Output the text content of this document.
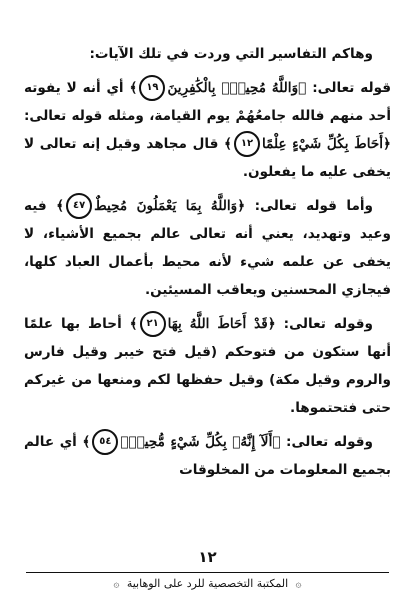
وهاكم التفاسير التي وردت في تلك الآيات:

قوله تعالى: ﴿وَاللَّهُ مُحِيطٌۢ بِالْكَٰفِرِينَ١٩﴾ أي أنه لا يفوته أحد منهم فالله جامعُهُمْ يوم القيامة، ومثله قوله تعالى: ﴿أَحَاطَ بِكُلِّ شَيْءٍ عِلْمًا١٢﴾ قال مجاهد وقيل إنه تعالى لا يخفى عليه ما يفعلون.

وأما قوله تعالى: ﴿وَاللَّهُ بِمَا يَعْمَلُونَ مُحِيطٌ٤٧﴾ فيه وعيد وتهديد، يعني أنه تعالى عالم بجميع الأشياء، لا يخفى عن علمه شيء لأنه محيط بأعمال العباد كلها، فيجازي المحسنين ويعاقب المسيئين.

وقوله تعالى: ﴿قَدْ أَحَاطَ اللَّهُ بِهَا٢١﴾ أحاط بها علمًا أنها ستكون من فتوحكم (قيل فتح خيبر وقيل فارس والروم وقيل مكة) وقيل حفظها لكم ومنعها من غيركم حتى فتحتموها.

وقوله تعالى: ﴿أَلَآ إِنَّهُۥ بِكُلِّ شَيْءٍ مُّحِيطٌۢ٥٤﴾ أي عالم بجميع المعلومات من المخلوقات

١٢
۞ المكتبة التخصصية للرد على الوهابية ۞
